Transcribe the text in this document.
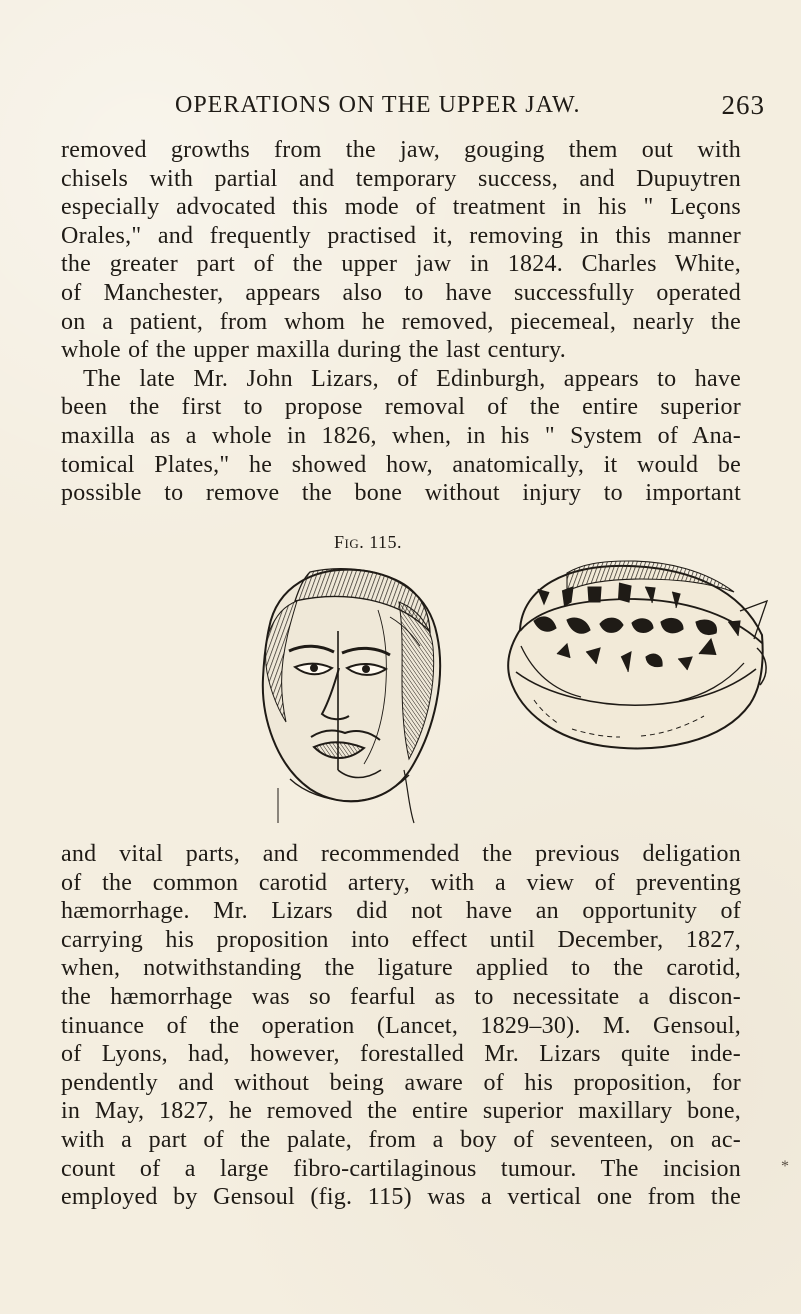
OPERATIONS ON THE UPPER JAW.	263
removed growths from the jaw, gouging them out with
chisels with partial and temporary success, and Dupuytren
especially advocated this mode of treatment in his " Leçons
Orales," and frequently practised it, removing in this manner
the greater part of the upper jaw in 1824. Charles White,
of Manchester, appears also to have successfully operated
on a patient, from whom he removed, piecemeal, nearly the
whole of the upper maxilla during the last century.
The late Mr. John Lizars, of Edinburgh, appears to have
been the first to propose removal of the entire superior
maxilla as a whole in 1826, when, in his " System of Ana-
tomical Plates," he showed how, anatomically, it would be
possible to remove the bone without injury to important
Fig. 115.
and vital parts, and recommended the previous deligation
of the common carotid artery, with a view of preventing
hæmorrhage. Mr. Lizars did not have an opportunity of
carrying his proposition into effect until December, 1827,
when, notwithstanding the ligature applied to the carotid,
the hæmorrhage was so fearful as to necessitate a discon-
tinuance of the operation (Lancet, 1829–30). M. Gensoul,
of Lyons, had, however, forestalled Mr. Lizars quite inde-
pendently and without being aware of his proposition, for
in May, 1827, he removed the entire superior maxillary bone,
with a part of the palate, from a boy of seventeen, on ac-
count of a large fibro-cartilaginous tumour. The incision
employed by Gensoul (fig. 115) was a vertical one from the
*
